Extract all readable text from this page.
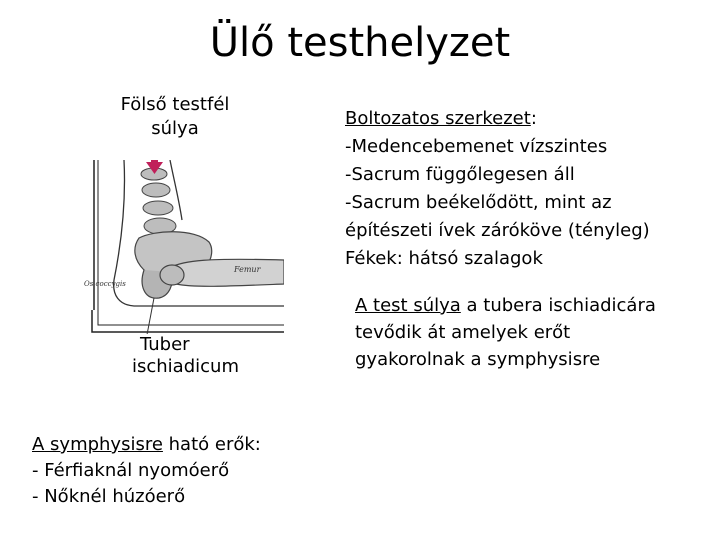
Ülő testhelyzet
Fölső testfél
súlya
Femur
Os coccygis
Tuber
ischiadicum
Boltozatos szerkezet:
-Medencebemenet vízszintes
-Sacrum függőlegesen áll
-Sacrum beékelődött, mint az
építészeti ívek záróköve (tényleg)
Fékek: hátsó szalagok
A test súlya a tubera ischiadicára
tevődik át amelyek erőt
gyakorolnak a symphysisre
A symphysisre ható erők:
- Férfiaknál nyomóerő
- Nőknél húzóerő
